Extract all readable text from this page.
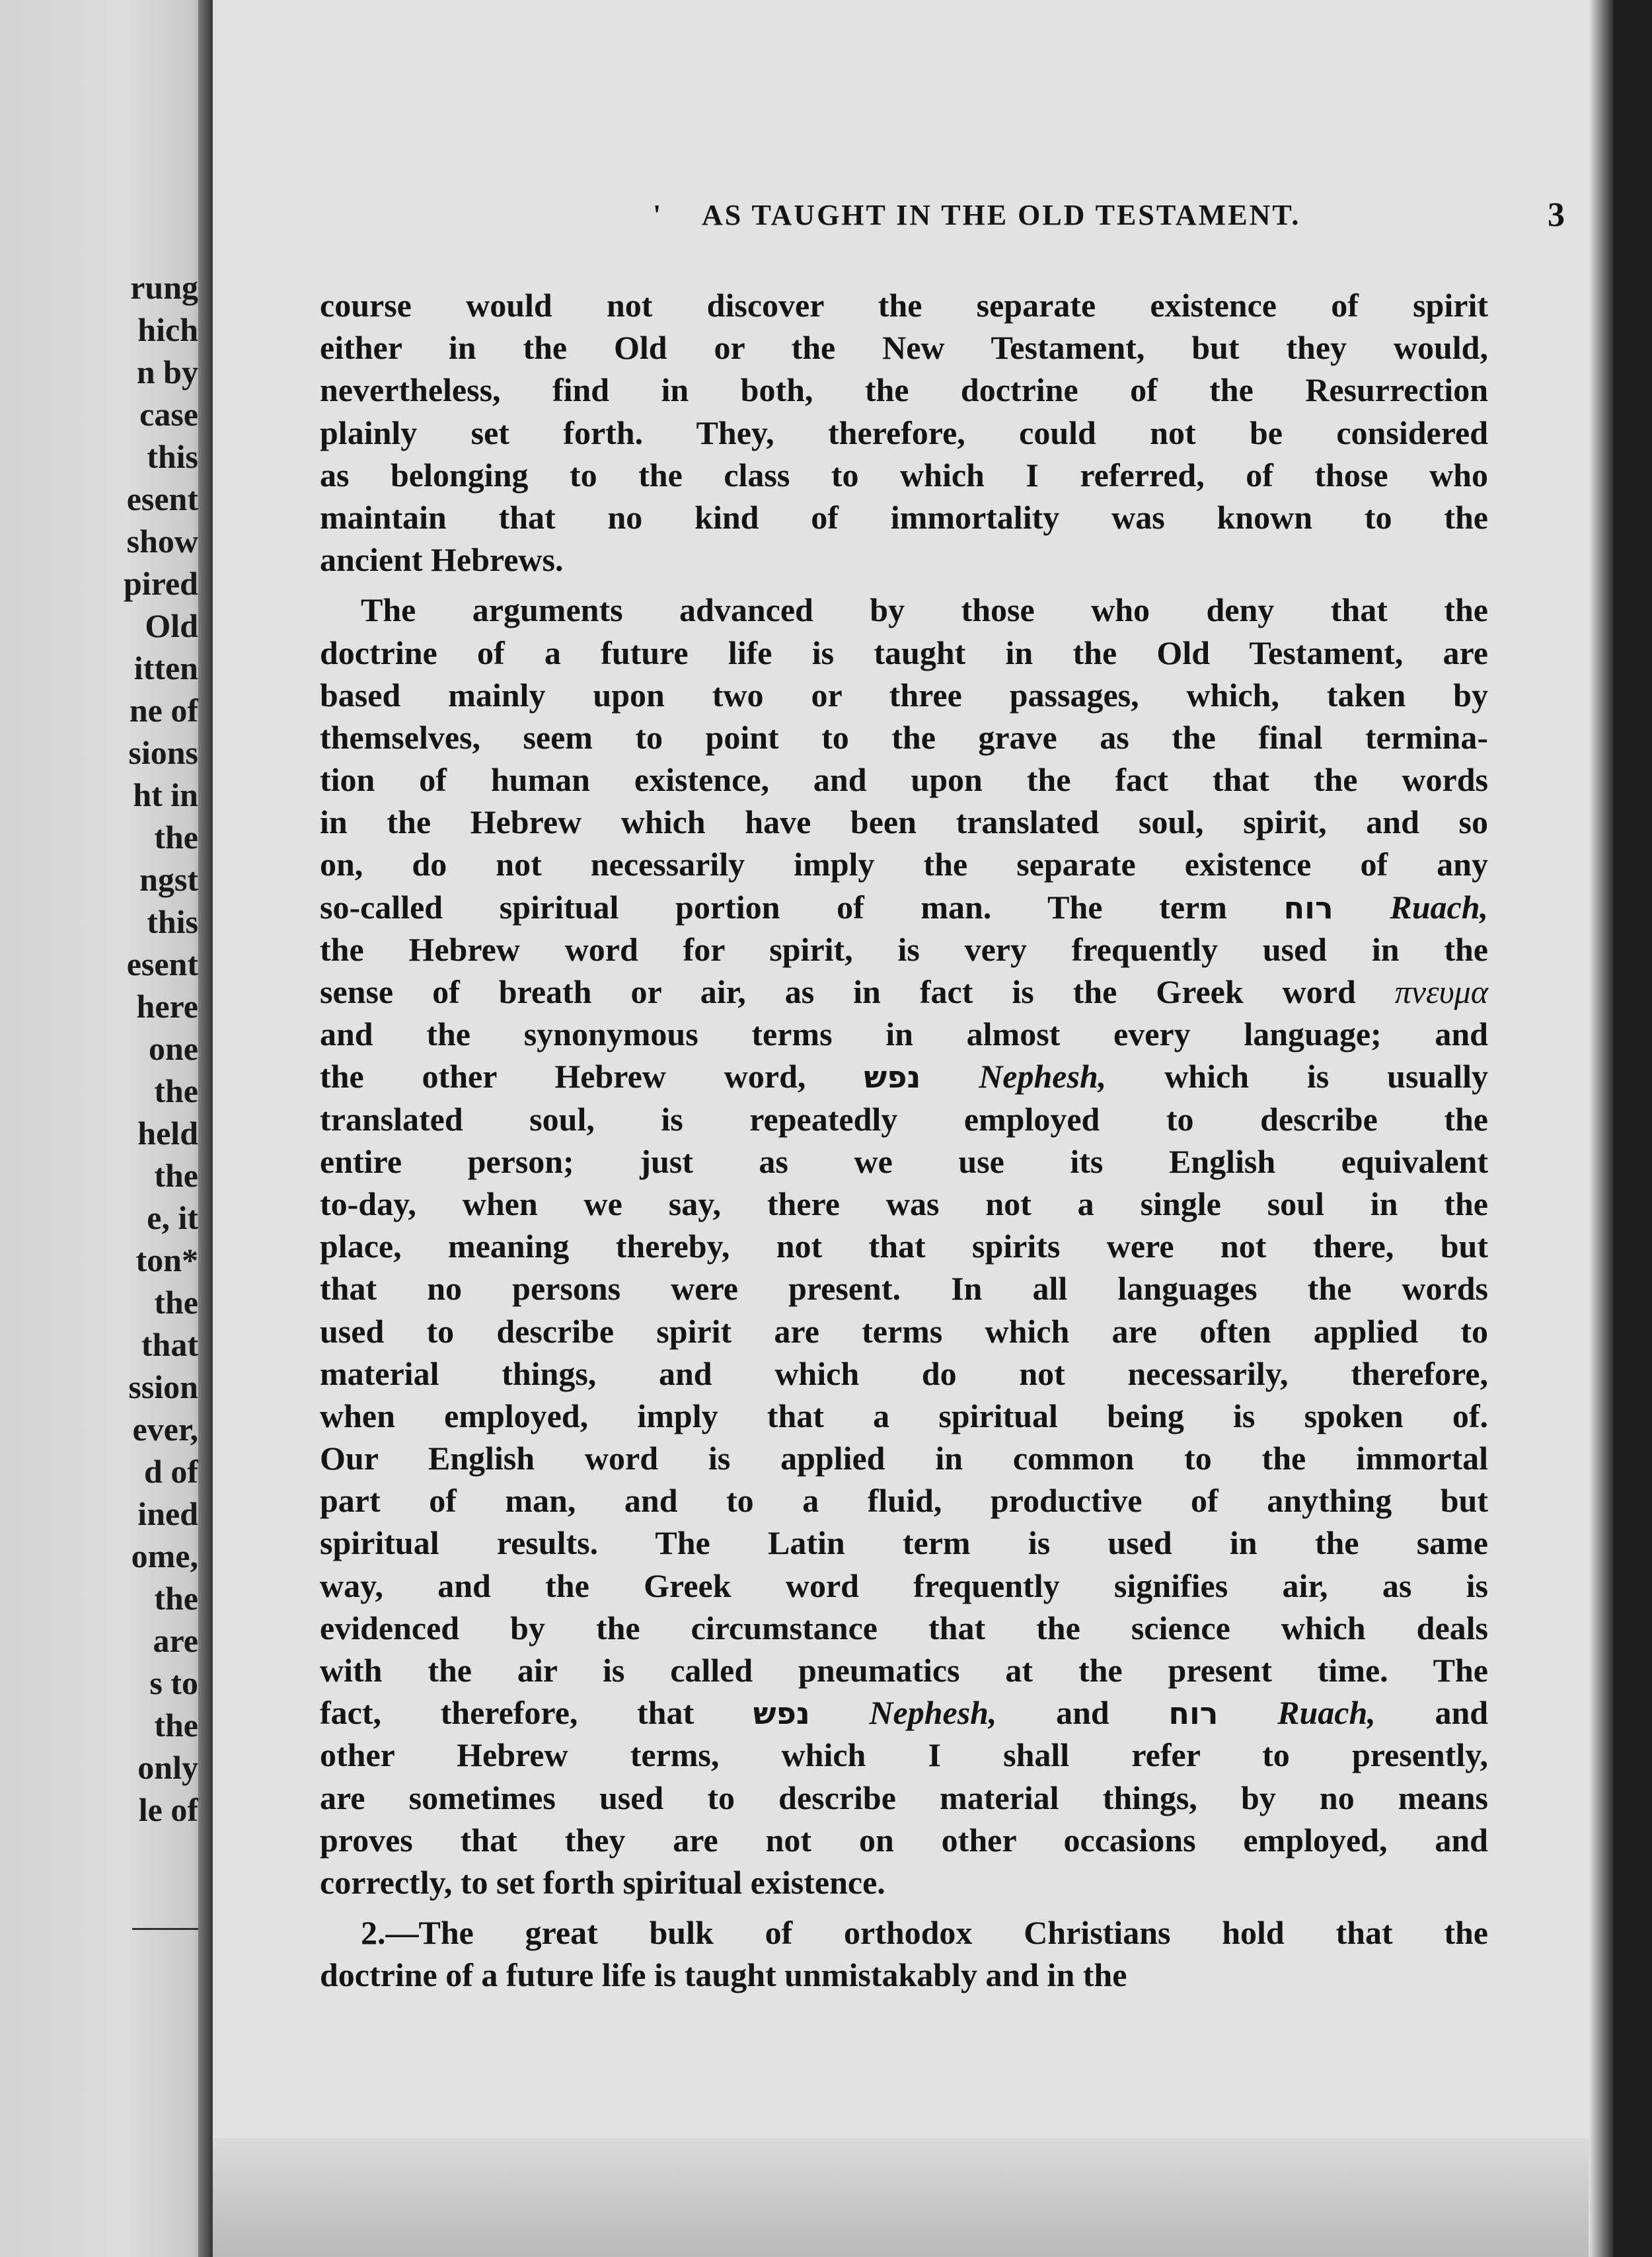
rung
hich
n by
case
this
esent
show
pired
Old
itten
ne of
sions
ht in
the
ngst
this
esent
here
one
the
held
the
e, it
ton*
the
that
ssion
ever,
d of
ined
ome,
the
are
s to
the
only
le of
' AS TAUGHT IN THE OLD TESTAMENT.	3
course would not discover the separate existence of spirit
either in the Old or the New Testament, but they would,
nevertheless, find in both, the doctrine of the Resurrection
plainly set forth. They, therefore, could not be considered
as belonging to the class to which I referred, of those who
maintain that no kind of immortality was known to the
ancient Hebrews.
The arguments advanced by those who deny that the
doctrine of a future life is taught in the Old Testament, are
based mainly upon two or three passages, which, taken by
themselves, seem to point to the grave as the final termina-
tion of human existence, and upon the fact that the words
in the Hebrew which have been translated soul, spirit, and so
on, do not necessarily imply the separate existence of any
so-called spiritual portion of man. The term רוח Ruach,
the Hebrew word for spirit, is very frequently used in the
sense of breath or air, as in fact is the Greek word πνευμα
and the synonymous terms in almost every language; and
the other Hebrew word, נפש Nephesh, which is usually
translated soul, is repeatedly employed to describe the
entire person; just as we use its English equivalent
to-day, when we say, there was not a single soul in the
place, meaning thereby, not that spirits were not there, but
that no persons were present. In all languages the words
used to describe spirit are terms which are often applied to
material things, and which do not necessarily, therefore,
when employed, imply that a spiritual being is spoken of.
Our English word is applied in common to the immortal
part of man, and to a fluid, productive of anything but
spiritual results. The Latin term is used in the same
way, and the Greek word frequently signifies air, as is
evidenced by the circumstance that the science which deals
with the air is called pneumatics at the present time. The
fact, therefore, that נפש Nephesh, and רוח Ruach, and
other Hebrew terms, which I shall refer to presently,
are sometimes used to describe material things, by no means
proves that they are not on other occasions employed, and
correctly, to set forth spiritual existence.
2.—The great bulk of orthodox Christians hold that the
doctrine of a future life is taught unmistakably and in the
